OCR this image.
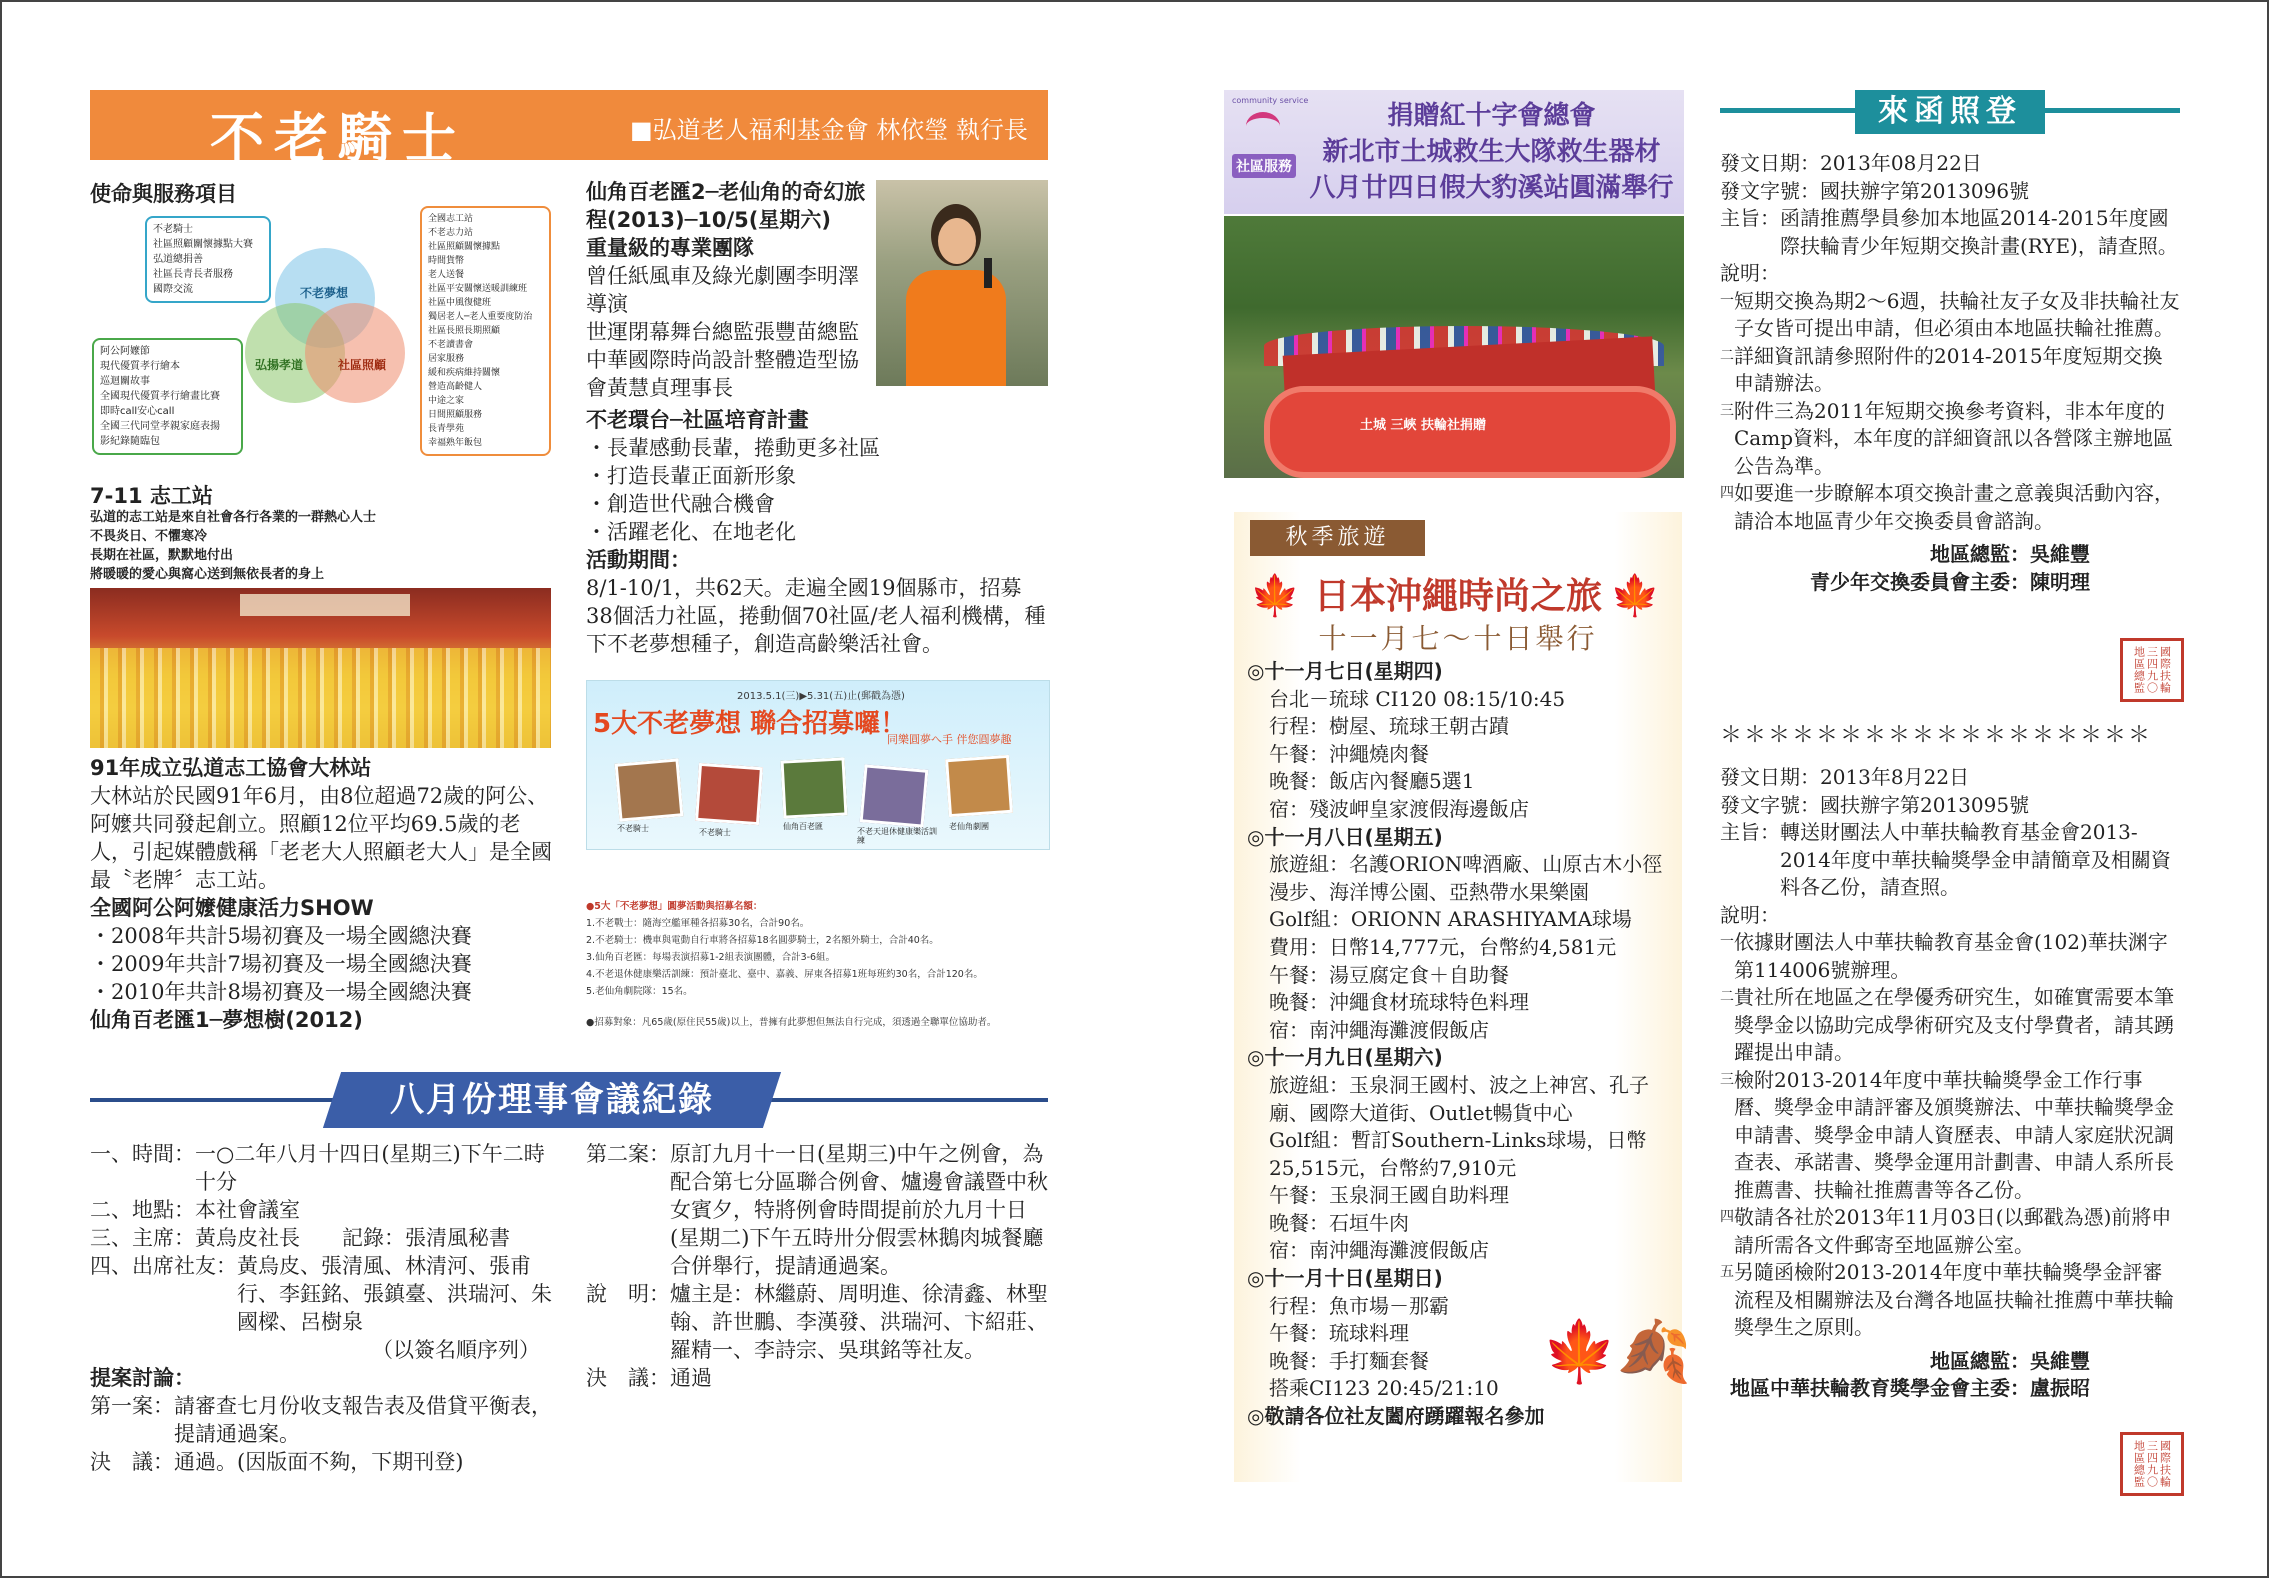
不老騎士	■弘道老人福利基金會 林依瑩 執行長
使命與服務項目
不老騎士
社區照顧關懷據點大賽
弘道總捐善
社區長青長者服務
國際交流
阿公阿嬤節
現代優質孝行繪本
巡迴關故事
全國現代優質孝行繪畫比賽
即時call安心call
全國三代同堂孝親家庭表揚
影紀錄隨臨包
不老夢想
弘揚孝道	社區照顧
全國志工站
不老志力站
社區照顧關懷據點
時間貨幣
老人送餐
社區平安關懷送暖訓練班
社區中風復健班
獨居老人─老人重要度防治
社區長照長期照顧
不老讀書會
居家服務
緩和疾病維持關懷
營造高齡健人
中途之家
日間照顧服務
長青學苑
幸福熟年飯包
7-11 志工站
弘道的志工站是來自社會各行各業的一群熱心人士
不畏炎日、不懼寒冷
長期在社區，默默地付出
將暖暖的愛心與窩心送到無依長者的身上
91年成立弘道志工協會大林站
大林站於民國91年6月，由8位超過72歲的阿公、阿嬤共同發起創立。照顧12位平均69.5歲的老人，引起媒體戲稱「老老大人照顧老大人」是全國最〝老牌〞志工站。
全國阿公阿嬤健康活力SHOW
・2008年共計5場初賽及一場全國總決賽
・2009年共計7場初賽及一場全國總決賽
・2010年共計8場初賽及一場全國總決賽
仙角百老匯1─夢想樹(2012)
仙角百老匯2─老仙角的奇幻旅程(2013)─10/5(星期六)
重量級的專業團隊
曾任紙風車及綠光劇團李明澤導演
世運閉幕舞台總監張豐苗總監
中華國際時尚設計整體造型協會黃慧貞理事長
不老環台─社區培育計畫
・長輩感動長輩，捲動更多社區
・打造長輩正面新形象
・創造世代融合機會
・活躍老化、在地老化
活動期間：
8/1-10/1，共62天。走遍全國19個縣市，招募38個活力社區，捲動個70社區/老人福利機構，種下不老夢想種子，創造高齡樂活社會。
2013.5.1(三)▶5.31(五)止(郵戳為憑)
5大不老夢想 聯合招募囉！
同樂圓夢へ手 伴您圓夢趣
不老騎士	不老騎士
仙角百老匯
不老天退休健康樂活訓練
老仙角劇團
●5大「不老夢想」圓夢活動與招募名額：
1.不老戰士：隨海空艦軍種各招募30名，合計90名。
2.不老騎士：機車與電動自行車將各招募18名圓夢騎士，2名額外騎士，合計40名。
3.仙角百老匯：每場表演招募1-2組表演團體，合計3-6組。
4.不老退休健康樂活訓練：預計臺北、臺中、嘉義、屏東各招募1班每班約30名，合計120名。
5.老仙角劇院隊：15名。
●招募對象：凡65歲(原住民55歲)以上，普擁有此夢想但無法自行完成，須透過全聯單位協助者。
八月份理事會議紀錄
一、時間： 一○二年八月十四日(星期三)下午二時十分
二、地點： 本社會議室
三、主席： 黃烏皮社長　　記錄：張清風秘書
四、出席社友： 黃烏皮、張清風、林清河、張甫行、李鈺銘、張鎮臺、洪瑞河、朱國樑、呂樹泉
（以簽名順序列）
提案討論：
第一案： 請審查七月份收支報告表及借貸平衡表，提請通過案。
決　議： 通過。(因版面不夠，下期刊登)
第二案： 原訂九月十一日(星期三)中午之例會，為配合第七分區聯合例會、爐邊會議暨中秋女賓夕，特將例會時間提前於九月十日(星期二)下午五時卅分假雲林鵝肉城餐廳合併舉行，提請通過案。
說　明： 爐主是：林繼蔚、周明進、徐清鑫、林聖翰、許世鵬、李漢發、洪瑞河、卞紹莊、羅精一、李詩宗、吳琪銘等社友。
決　議： 通過
community service
社區服務
捐贈紅十字會總會
新北市土城救生大隊救生器材
八月廿四日假大豹溪站圓滿舉行
土城 三峽 扶輪社捐贈
秋季旅遊
🍁	🍁
日本沖繩時尚之旅
十一月七～十日舉行
◎十一月七日(星期四)
台北－琉球 CI120 08:15/10:45
行程：樹屋、琉球王朝古蹟
午餐：沖繩燒肉餐
晚餐：飯店內餐廳5選1
宿：殘波岬皇家渡假海邊飯店
◎十一月八日(星期五)
旅遊組：名護ORION啤酒廠、山原古木小徑漫步、海洋博公園、亞熱帶水果樂園
Golf組：ORIONN ARASHIYAMA球場
費用：日幣14,777元，台幣約4,581元
午餐：湯豆腐定食＋自助餐
晚餐：沖繩食材琉球特色料理
宿：南沖繩海灘渡假飯店
◎十一月九日(星期六)
旅遊組：玉泉洞王國村、波之上神宮、孔子廟、國際大道街、Outlet暢貨中心
Golf組：暫訂Southern-Links球場，日幣25,515元，台幣約7,910元
午餐：玉泉洞王國自助料理
晚餐：石垣牛肉
宿：南沖繩海灘渡假飯店
◎十一月十日(星期日)
行程：魚市場－那霸
午餐：琉球料理
晚餐：手打麵套餐
搭乘CI123 20:45/21:10
◎敬請各位社友闔府踴躍報名參加
🍁🍂
來函照登
發文日期：2013年08月22日
發文字號：國扶辦字第2013096號
主旨： 函請推薦學員參加本地區2014-2015年度國際扶輪青少年短期交換計畫(RYE)，請查照。
說明：
一 短期交換為期2～6週，扶輪社友子女及非扶輪社友子女皆可提出申請，但必須由本地區扶輪社推薦。
二 詳細資訊請參照附件的2014-2015年度短期交換申請辦法。
三 附件三為2011年短期交換參考資料，非本年度的Camp資料，本年度的詳細資訊以各營隊主辦地區公告為準。
四 如要進一步瞭解本項交換計畫之意義與活動內容，請洽本地區青少年交換委員會諮詢。
地區總監：吳維豐
青少年交換委員會主委：陳明理
國際扶輪三四九〇地區總監
＊＊＊＊＊＊＊＊＊＊＊＊＊＊＊＊＊＊
發文日期：2013年8月22日
發文字號：國扶辦字第2013095號
主旨： 轉送財團法人中華扶輪教育基金會2013-2014年度中華扶輪獎學金申請簡章及相關資料各乙份，請查照。
說明：
一 依據財團法人中華扶輪教育基金會(102)華扶渊字第114006號辦理。
二 貴社所在地區之在學優秀研究生，如確實需要本筆獎學金以協助完成學術研究及支付學費者，請其踴躍提出申請。
三 檢附2013-2014年度中華扶輪獎學金工作行事曆、獎學金申請評審及頒獎辦法、中華扶輪獎學金申請書、獎學金申請人資歷表、申請人家庭狀況調查表、承諾書、獎學金運用計劃書、申請人系所長推薦書、扶輪社推薦書等各乙份。
四 敬請各社於2013年11月03日(以郵戳為憑)前將申請所需各文件郵寄至地區辦公室。
五 另隨函檢附2013-2014年度中華扶輪獎學金評審流程及相關辦法及台灣各地區扶輪社推薦中華扶輪獎學生之原則。
地區總監：吳維豐
地區中華扶輪教育獎學金會主委：盧振昭
國際扶輪三四九〇地區總監
